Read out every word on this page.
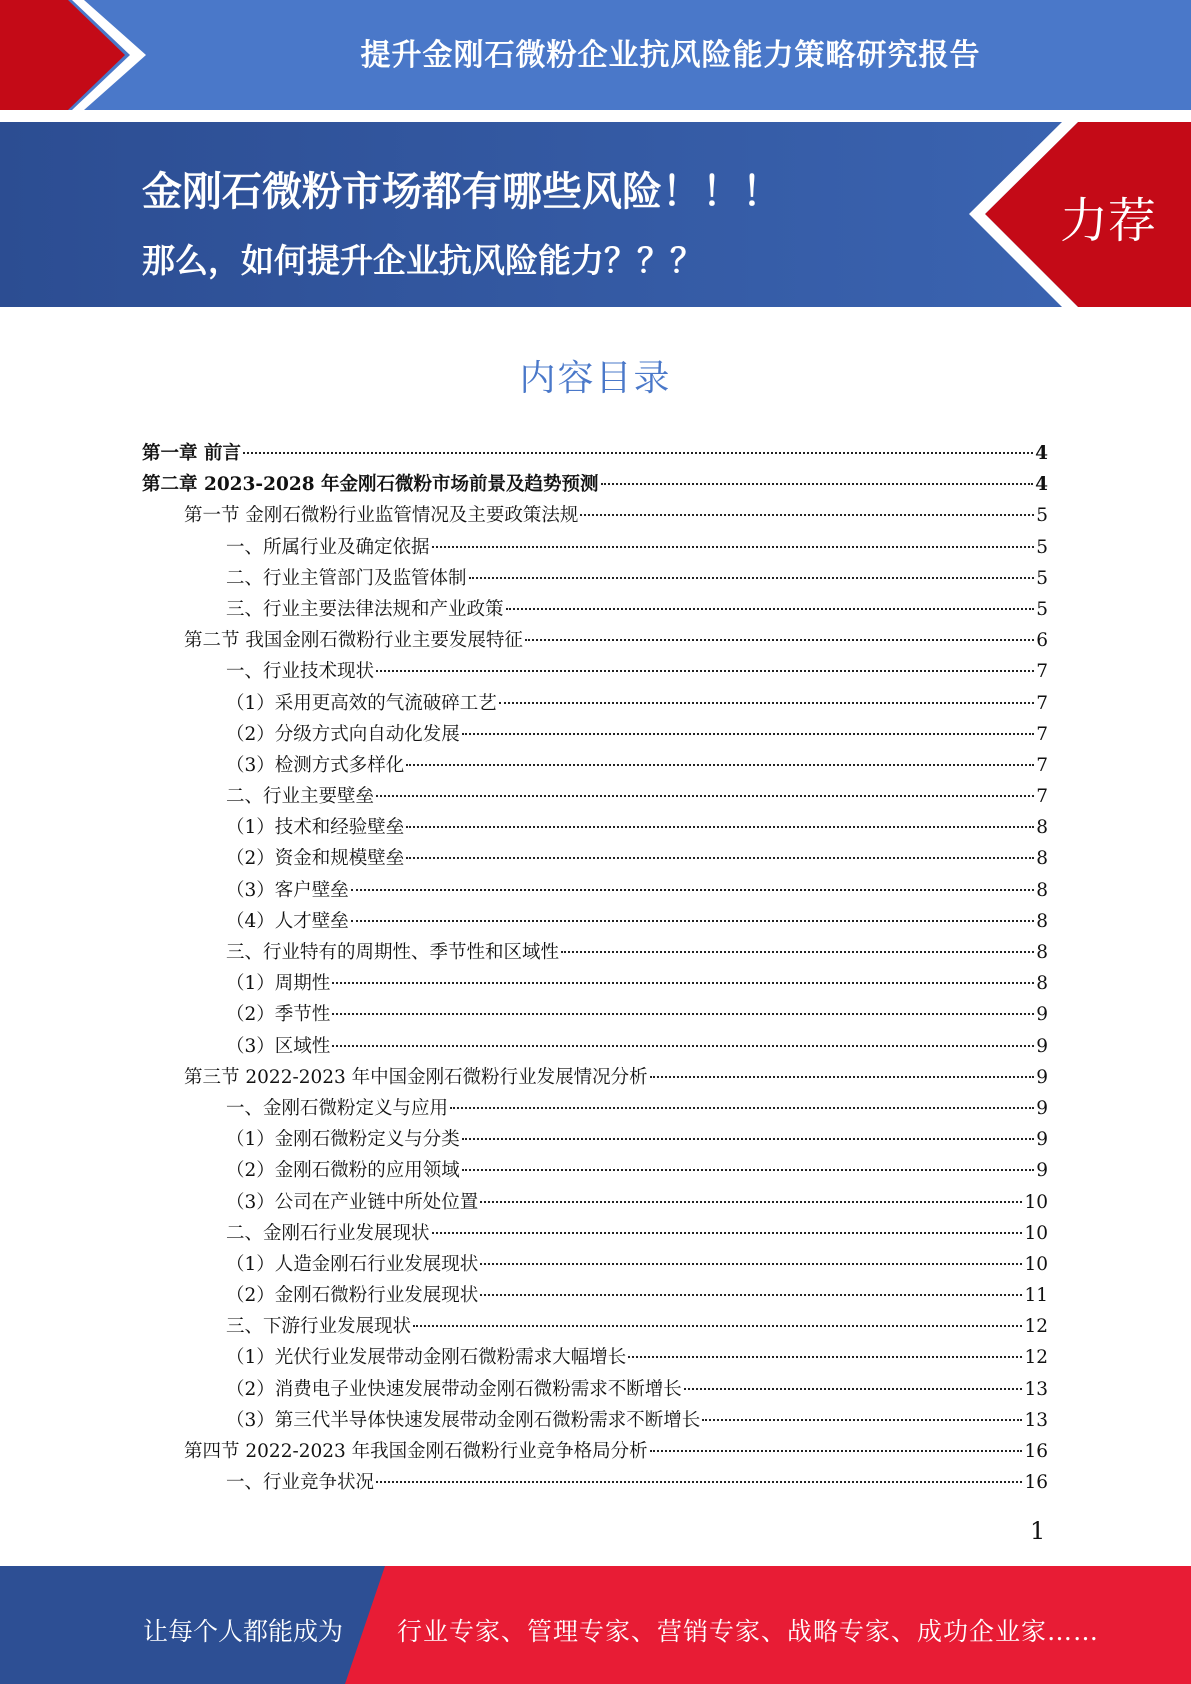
提升金刚石微粉企业抗风险能力策略研究报告
金刚石微粉市场都有哪些风险！！！
那么，如何提升企业抗风险能力？？？
力荐
内容目录
第一章 前言	4
第二章 2023-2028 年金刚石微粉市场前景及趋势预测	4
第一节 金刚石微粉行业监管情况及主要政策法规	5
一、所属行业及确定依据	5
二、行业主管部门及监管体制	5
三、行业主要法律法规和产业政策	5
第二节 我国金刚石微粉行业主要发展特征	6
一、行业技术现状	7
（1）采用更高效的气流破碎工艺	7
（2）分级方式向自动化发展	7
（3）检测方式多样化	7
二、行业主要壁垒	7
（1）技术和经验壁垒	8
（2）资金和规模壁垒	8
（3）客户壁垒	8
（4）人才壁垒	8
三、行业特有的周期性、季节性和区域性	8
（1）周期性	8
（2）季节性	9
（3）区域性	9
第三节 2022-2023 年中国金刚石微粉行业发展情况分析	9
一、金刚石微粉定义与应用	9
（1）金刚石微粉定义与分类	9
（2）金刚石微粉的应用领域	9
（3）公司在产业链中所处位置	10
二、金刚石行业发展现状	10
（1）人造金刚石行业发展现状	10
（2）金刚石微粉行业发展现状	11
三、下游行业发展现状	12
（1）光伏行业发展带动金刚石微粉需求大幅增长	12
（2）消费电子业快速发展带动金刚石微粉需求不断增长	13
（3）第三代半导体快速发展带动金刚石微粉需求不断增长	13
第四节 2022-2023 年我国金刚石微粉行业竞争格局分析	16
一、行业竞争状况	16
1
让每个人都能成为 行业专家、管理专家、营销专家、战略专家、成功企业家……
